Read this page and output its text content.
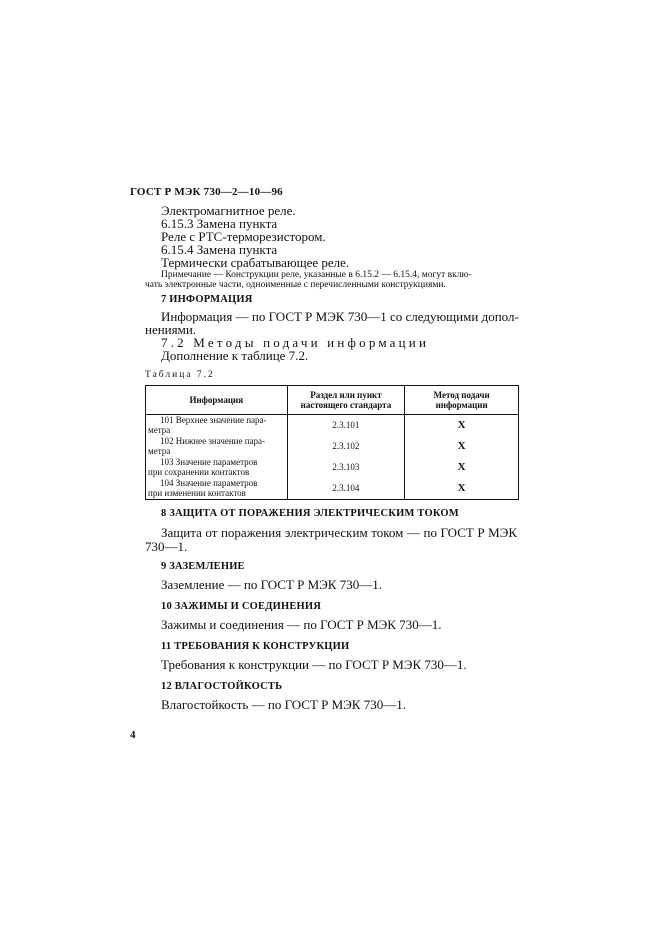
ГОСТ Р МЭК 730—2—10—96
Электромагнитное реле.
6.15.3 Замена пункта
Реле с РТС-терморезистором.
6.15.4 Замена пункта
Термически срабатывающее реле.
Примечание — Конструкции реле, указанные в 6.15.2 — 6.15.4, могут вклю-
чать электронные части, одноименные с перечисленными конструкциями.
7 ИНФОРМАЦИЯ
Информация — по ГОСТ Р МЭК 730—1 со следующими допол-
нениями.
7.2 Методы подачи информации
Дополнение к таблице 7.2.
Таблица 7.2
Информация	Раздел или пункт настоящего стандарта	Метод подачи информации

101 Верхнее значение пара-
метра	2.3.101	X

102 Нижнее значение пара-
метра	2.3.102	X

103 Значение параметров
при сохранении контактов	2.3.103	X

104 Значение параметров
при изменении контактов	2.3.104	X
8 ЗАЩИТА ОТ ПОРАЖЕНИЯ ЭЛЕКТРИЧЕСКИМ ТОКОМ
Защита от поражения электрическим током — по ГОСТ Р МЭК
730—1.
9 ЗАЗЕМЛЕНИЕ
Заземление — по ГОСТ Р МЭК 730—1.
10 ЗАЖИМЫ И СОЕДИНЕНИЯ
Зажимы и соединения — по ГОСТ Р МЭК 730—1.
11 ТРЕБОВАНИЯ К КОНСТРУКЦИИ
Требования к конструкции — по ГОСТ Р МЭК 730—1.
12 ВЛАГОСТОЙКОСТЬ
Влагостойкость — по ГОСТ Р МЭК 730—1.
4
